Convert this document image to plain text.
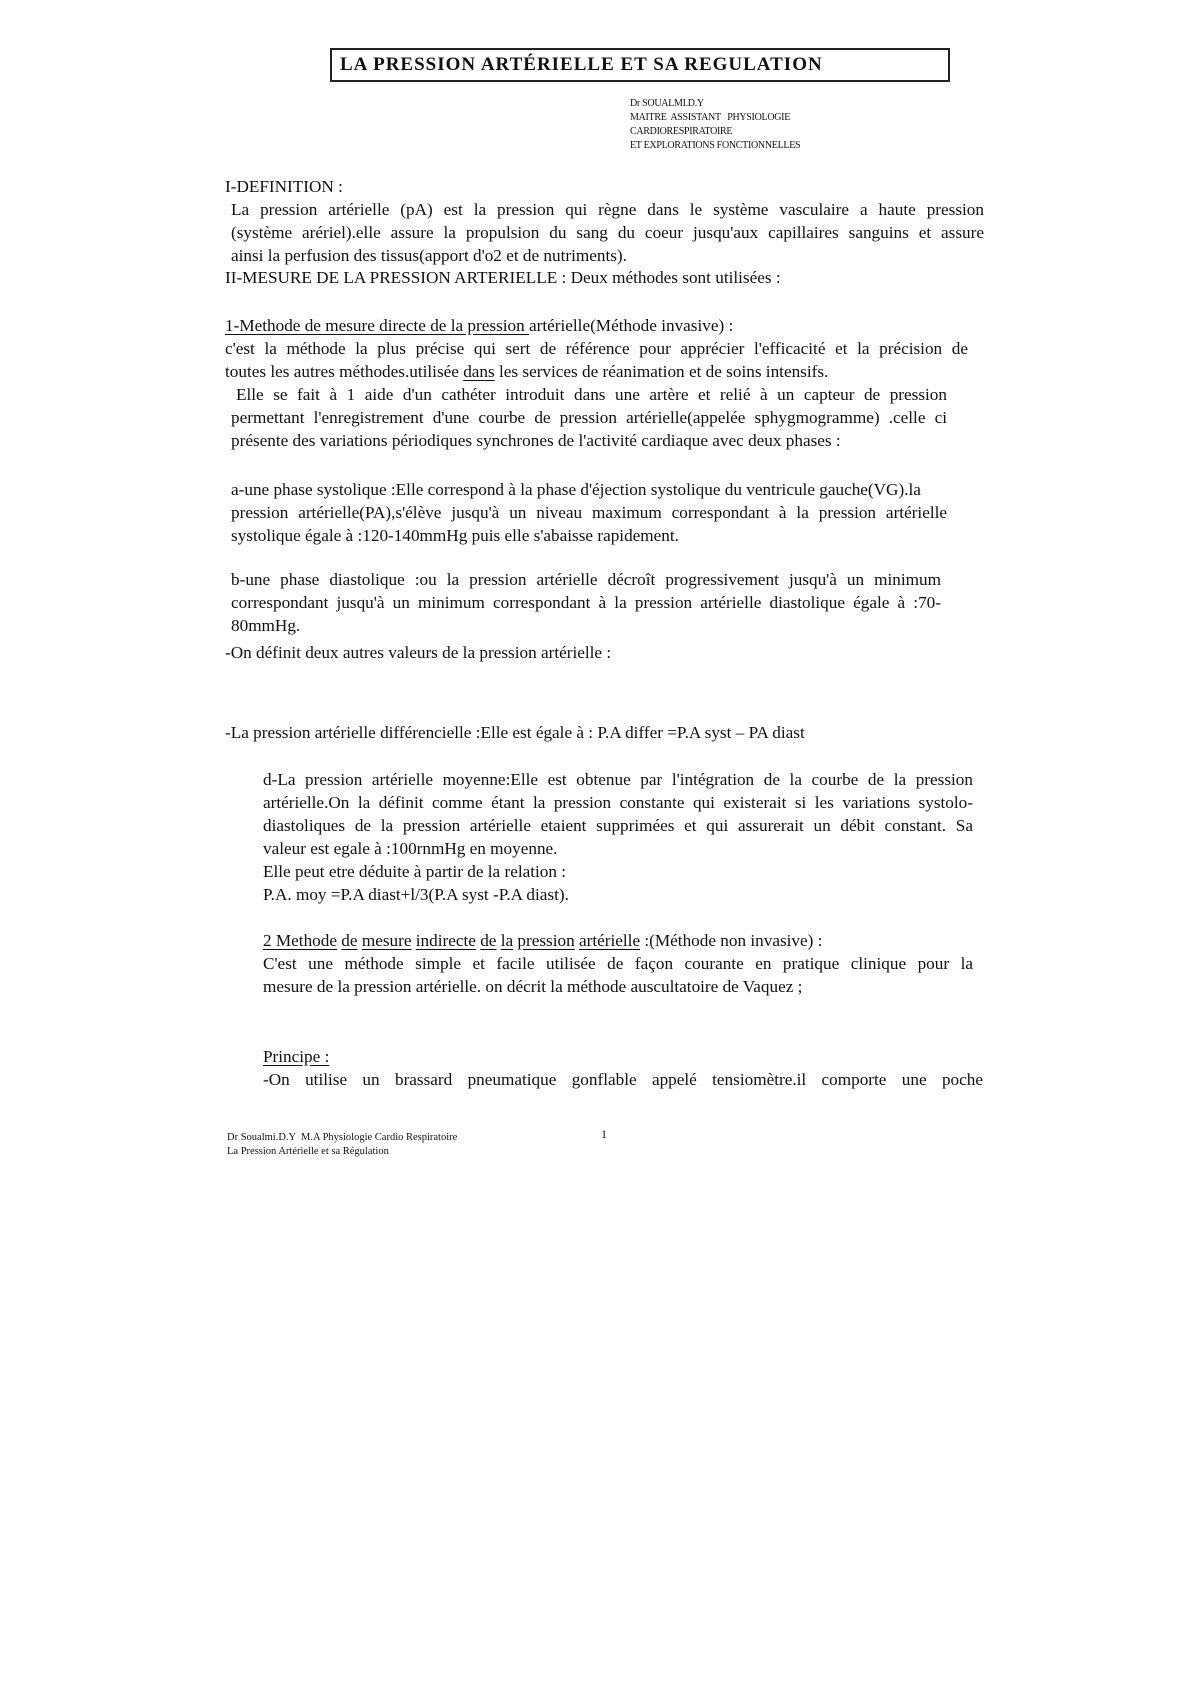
LA PRESSION ARTÉRIELLE ET SA REGULATION
Dr SOUALMI.D.Y
MAITRE  ASSISTANT   PHYSIOLOGIE
CARDIORESPIRATOIRE
ET EXPLORATIONS FONCTIONNELLES
I-DEFINITION :
La pression artérielle (pA) est la pression qui règne dans le système vasculaire a haute pression
(système arériel).elle assure la propulsion du sang du coeur jusqu'aux capillaires sanguins et assure
ainsi la perfusion des tissus(apport d'o2 et de nutriments).
II-MESURE DE LA PRESSION ARTERIELLE : Deux méthodes sont utilisées :
1-Methode de mesure directe de la pression artérielle(Méthode invasive) :
c'est la méthode la plus précise qui sert de référence pour apprécier l'efficacité et la précision de
toutes les autres méthodes.utilisée dans les services de réanimation et de soins intensifs.
Elle se fait à 1 aide d'un cathéter introduit dans une artère et relié à un capteur de pression
permettant l'enregistrement d'une courbe de pression artérielle(appelée sphygmogramme) .celle ci
présente des variations périodiques synchrones de l'activité cardiaque avec deux phases :
a-une phase systolique :Elle correspond à la phase d'éjection systolique du ventricule gauche(VG).la
pression artérielle(PA),s'élève jusqu'à un niveau maximum correspondant à la pression artérielle
systolique égale à :120-140mmHg puis elle s'abaisse rapidement.
b-une phase diastolique :ou la pression artérielle décroît progressivement jusqu'à un minimum
correspondant jusqu'à un minimum correspondant à la pression artérielle diastolique égale à :70-
80mmHg.
-On définit deux autres valeurs de la pression artérielle :
-La pression artérielle différencielle :Elle est égale à : P.A differ =P.A syst – PA diast
d-La pression artérielle moyenne:Elle est obtenue par l'intégration de la courbe de la pression
artérielle.On la définit comme étant la pression constante qui existerait si les variations systolo-
diastoliques de la pression artérielle etaient supprimées et qui assurerait un débit constant. Sa
valeur est egale à :100rnmHg en moyenne.
Elle peut etre déduite à partir de la relation :
P.A. moy =P.A diast+l/3(P.A syst -P.A diast).
2 Methode de mesure indirecte de la pression artérielle :(Méthode non invasive) :
C'est une méthode simple et facile utilisée de façon courante en pratique clinique pour la
mesure de la pression artérielle. on décrit la méthode auscultatoire de Vaquez ;
Principe :
-On utilise un brassard pneumatique gonflable appelé tensiomètre.il comporte une poche
Dr Soualmi.D.Y  M.A Physiologie Cardio Respiratoire
La Pression Artérielle et sa Régulation
1
